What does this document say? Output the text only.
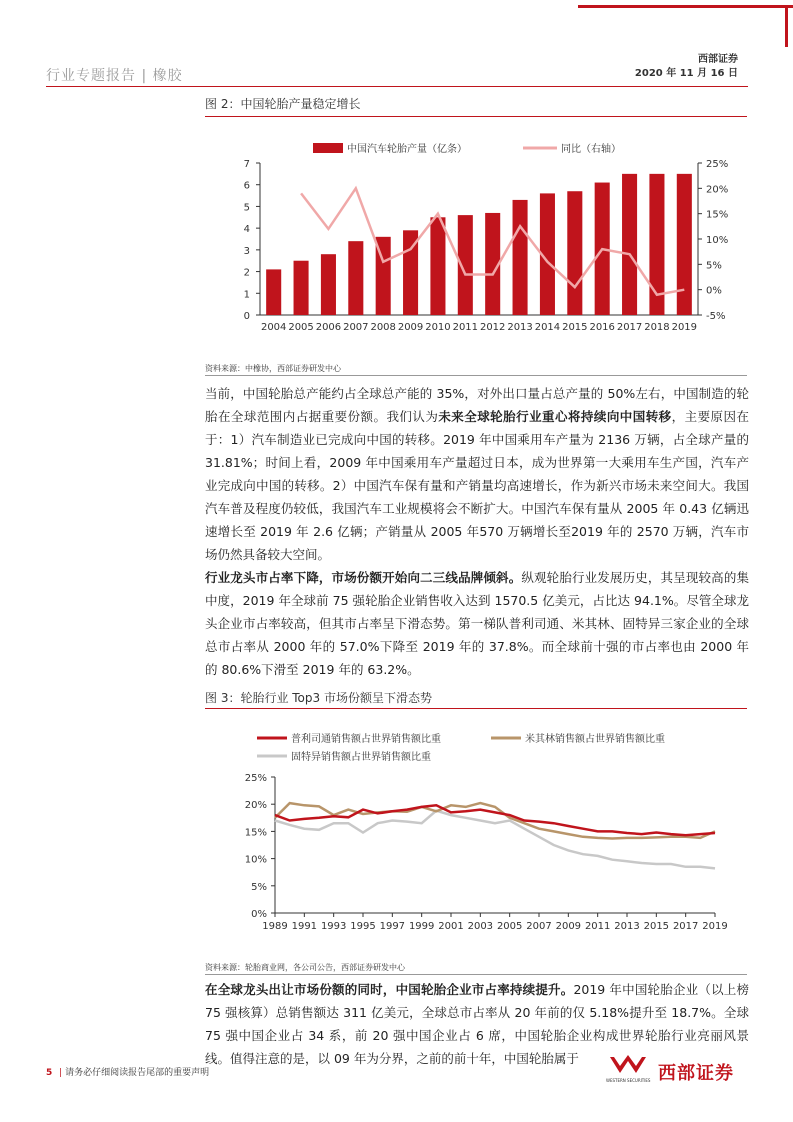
行业专题报告 | 橡胶
西部证券
2020 年 11 月 16 日
图 2：中国轮胎产量稳定增长
中国汽车轮胎产量（亿条）	同比（右轴）
0
1
2
3
4
5
6
7
-5%
0%
5%
10%
15%
20%
25%
2004 2005 2006 2007 2008 2009 2010 2011 2012 2013 2014 2015 2016 2017 2018 2019
资料来源：中橡协，西部证券研发中心
当前，中国轮胎总产能约占全球总产能的 35%，对外出口量占总产量的 50%左右，中国制造的轮胎在全球范围内占据重要份额。我们认为未来全球轮胎行业重心将持续向中国转移，主要原因在于：1）汽车制造业已完成向中国的转移。2019 年中国乘用车产量为 2136 万辆，占全球产量的 31.81%；时间上看，2009 年中国乘用车产量超过日本，成为世界第一大乘用车生产国，汽车产业完成向中国的转移。2）中国汽车保有量和产销量均高速增长，作为新兴市场未来空间大。我国汽车普及程度仍较低，我国汽车工业规模将会不断扩大。中国汽车保有量从 2005 年 0.43 亿辆迅速增长至 2019 年 2.6 亿辆；产销量从 2005 年570 万辆增长至2019 年的 2570 万辆，汽车市场仍然具备较大空间。
行业龙头市占率下降，市场份额开始向二三线品牌倾斜。纵观轮胎行业发展历史，其呈现较高的集中度，2019 年全球前 75 强轮胎企业销售收入达到 1570.5 亿美元，占比达 94.1%。尽管全球龙头企业市占率较高，但其市占率呈下滑态势。第一梯队普利司通、米其林、固特异三家企业的全球总市占率从 2000 年的 57.0%下降至 2019 年的 37.8%。而全球前十强的市占率也由 2000 年的 80.6%下滑至 2019 年的 63.2%。
图 3：轮胎行业 Top3 市场份额呈下滑态势
普利司通销售额占世界销售额比重	米其林销售额占世界销售额比重
固特异销售额占世界销售额比重
0%
5%
10%
15%
20%
25%
1989 1991 1993 1995 1997 1999 2001 2003 2005 2007 2009 2011 2013 2015 2017 2019
资料来源：轮胎商业网，各公司公告，西部证券研发中心
在全球龙头出让市场份额的同时，中国轮胎企业市占率持续提升。2019 年中国轮胎企业（以上榜 75 强核算）总销售额达 311 亿美元，全球总市占率从 20 年前的仅 5.18%提升至 18.7%。全球 75 强中国企业占 34 系，前 20 强中国企业占 6 席，中国轮胎企业构成世界轮胎行业亮丽风景线。值得注意的是，以 09 年为分界，之前的前十年，中国轮胎属于
5 | 请务必仔细阅读报告尾部的重要声明	西部证券
WESTERN SECURITIES
